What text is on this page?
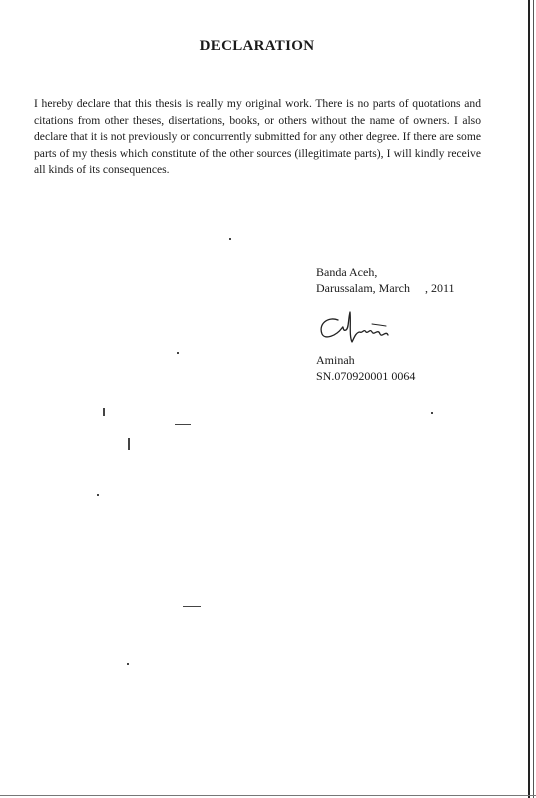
DECLARATION
I hereby declare that this thesis is really my original work. There is no parts of quotations and citations from other theses, disertations, books, or others without the name of owners. I also declare that it is not previously or concurrently submitted for any other degree. If there are some parts of my thesis which constitute of the other sources (illegitimate parts), I will kindly receive all kinds of its consequences.
Banda Aceh,
Darussalam, March     , 2011
Aminah
SN.070920001 0064
